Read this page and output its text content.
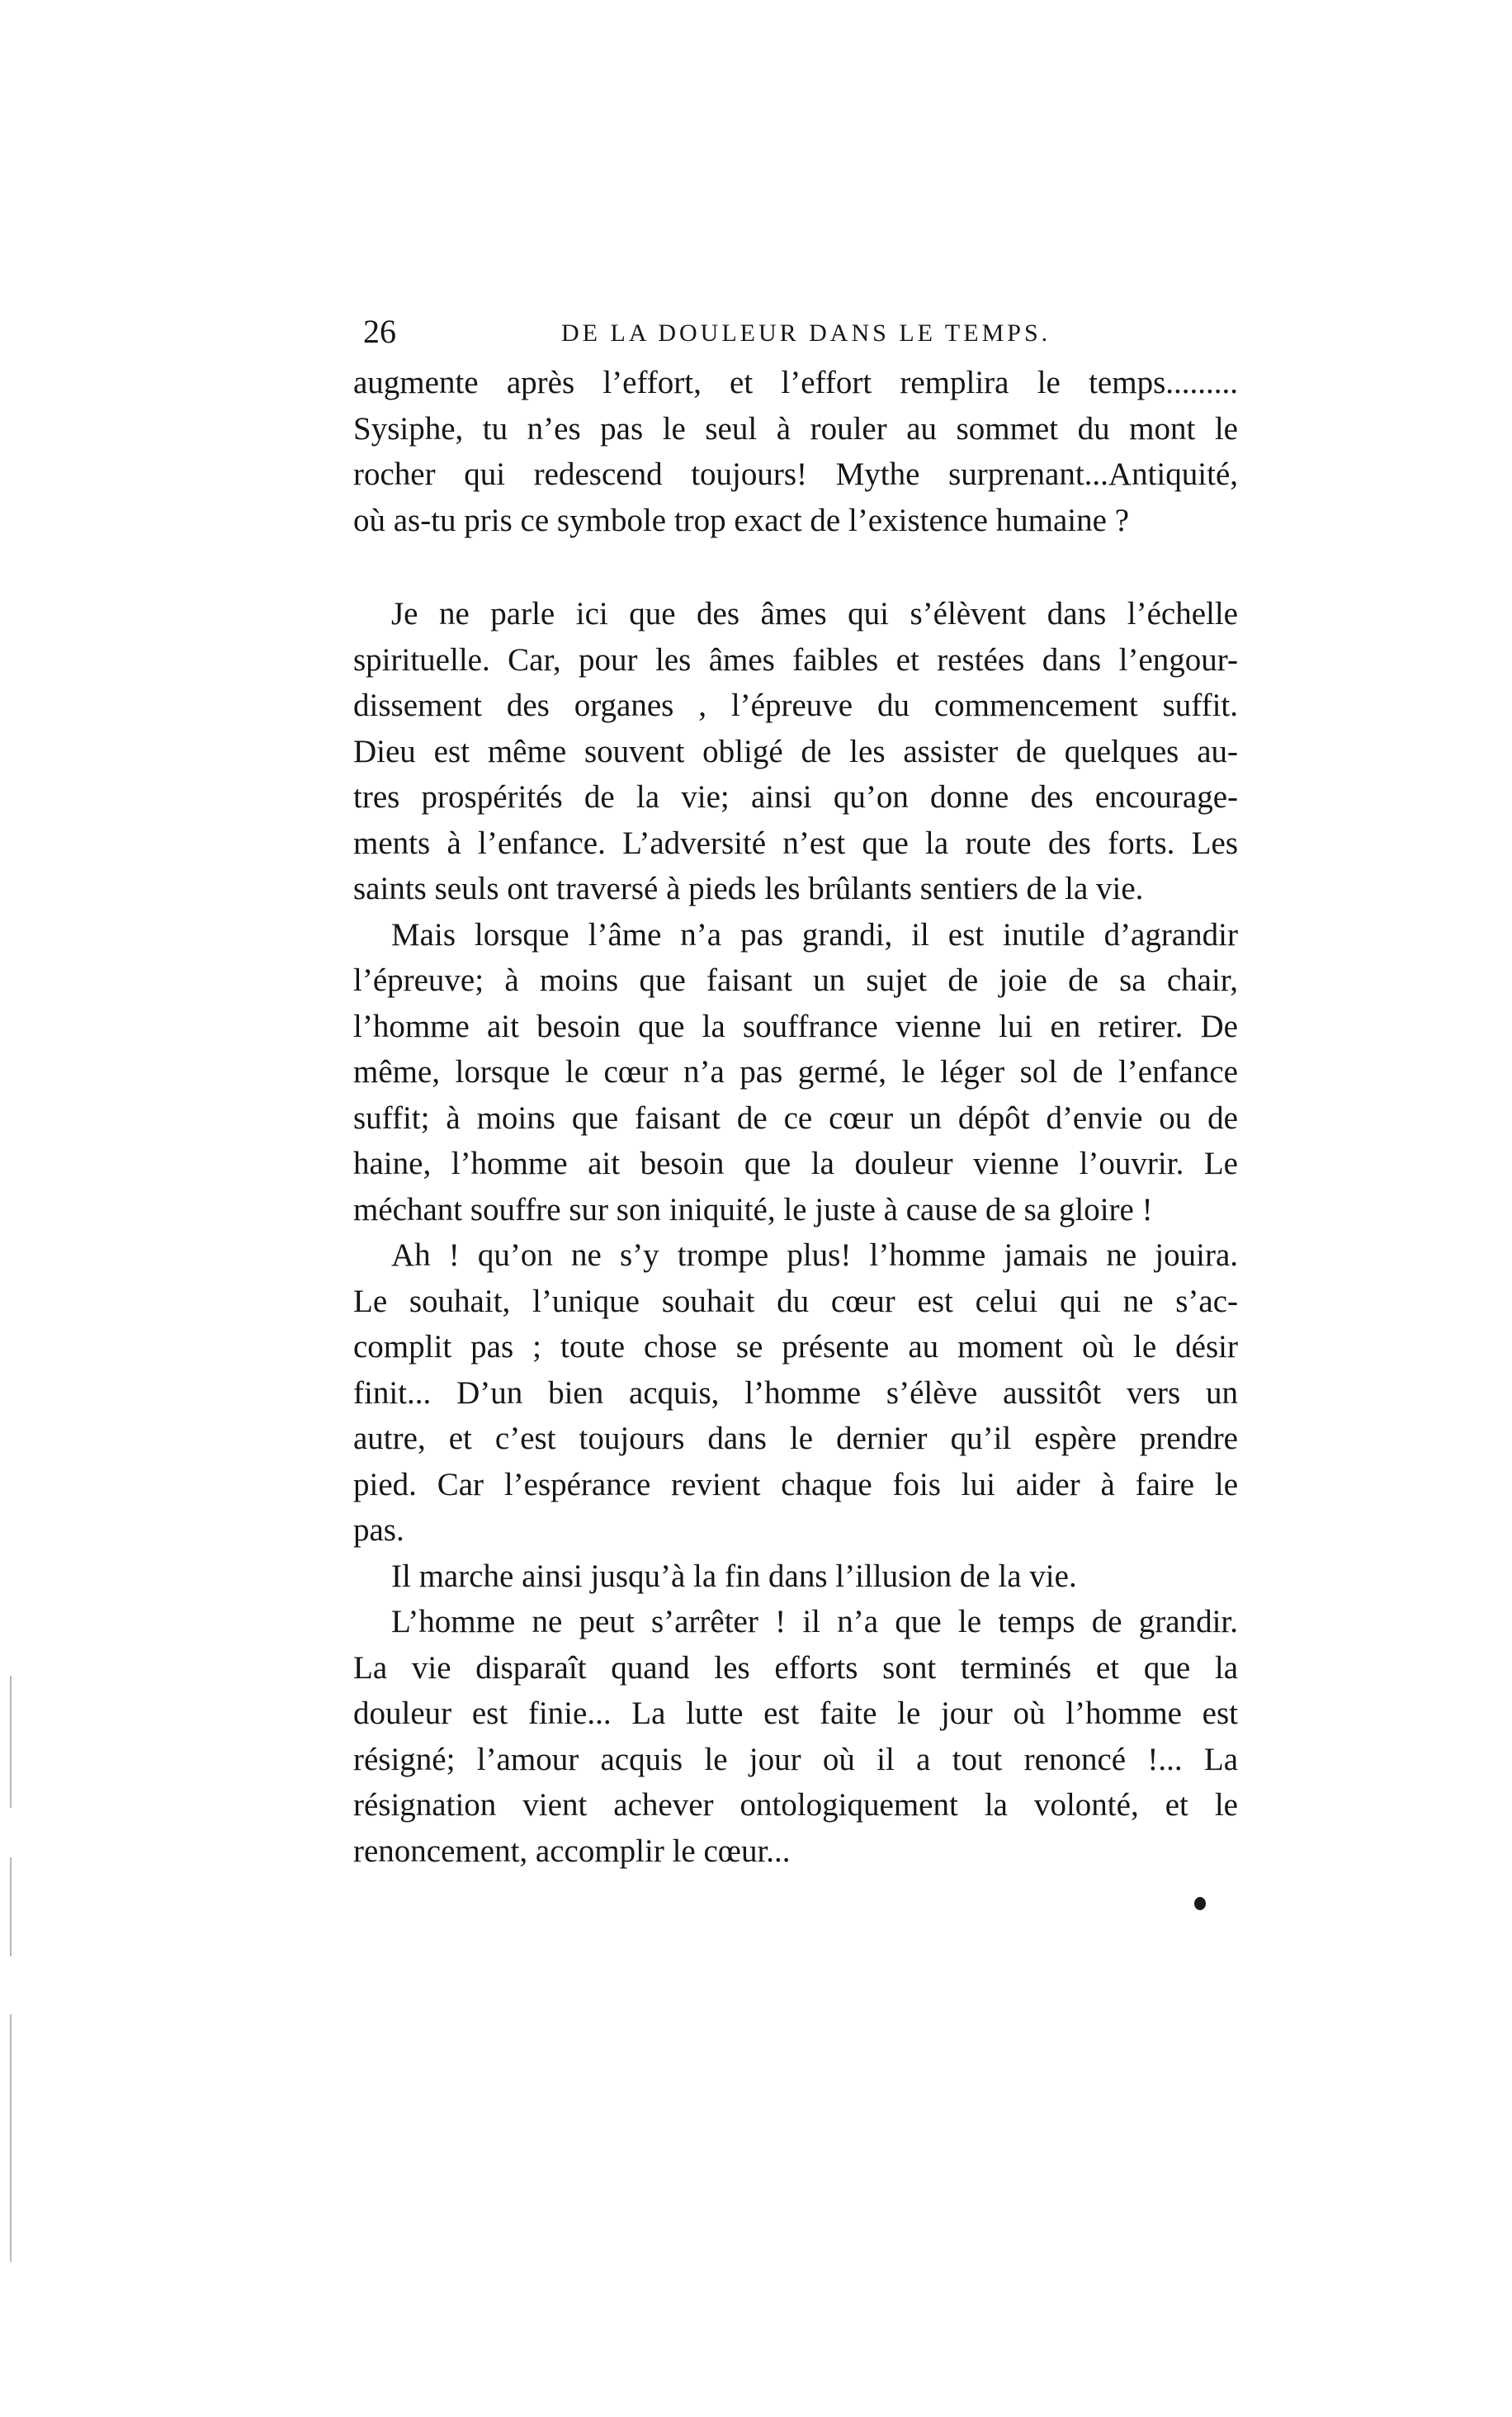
26	DE LA DOULEUR DANS LE TEMPS.
augmente après l’effort, et l’effort remplira le temps.........
Sysiphe, tu n’es pas le seul à rouler au sommet du mont le
rocher qui redescend toujours! Mythe surprenant...Antiquité,
où as-tu pris ce symbole trop exact de l’existence humaine ?
Je ne parle ici que des âmes qui s’élèvent dans l’échelle
spirituelle. Car, pour les âmes faibles et restées dans l’engour-
dissement des organes , l’épreuve du commencement suffit.
Dieu est même souvent obligé de les assister de quelques au-
tres prospérités de la vie; ainsi qu’on donne des encourage-
ments à l’enfance. L’adversité n’est que la route des forts. Les
saints seuls ont traversé à pieds les brûlants sentiers de la vie.
Mais lorsque l’âme n’a pas grandi, il est inutile d’agrandir
l’épreuve; à moins que faisant un sujet de joie de sa chair,
l’homme ait besoin que la souffrance vienne lui en retirer. De
même, lorsque le cœur n’a pas germé, le léger sol de l’enfance
suffit; à moins que faisant de ce cœur un dépôt d’envie ou de
haine, l’homme ait besoin que la douleur vienne l’ouvrir. Le
méchant souffre sur son iniquité, le juste à cause de sa gloire !
Ah ! qu’on ne s’y trompe plus! l’homme jamais ne jouira.
Le souhait, l’unique souhait du cœur est celui qui ne s’ac-
complit pas ; toute chose se présente au moment où le désir
finit... D’un bien acquis, l’homme s’élève aussitôt vers un
autre, et c’est toujours dans le dernier qu’il espère prendre
pied. Car l’espérance revient chaque fois lui aider à faire le
pas.
Il marche ainsi jusqu’à la fin dans l’illusion de la vie.
L’homme ne peut s’arrêter ! il n’a que le temps de grandir.
La vie disparaît quand les efforts sont terminés et que la
douleur est finie... La lutte est faite le jour où l’homme est
résigné; l’amour acquis le jour où il a tout renoncé !... La
résignation vient achever ontologiquement la volonté, et le
renoncement, accomplir le cœur...
